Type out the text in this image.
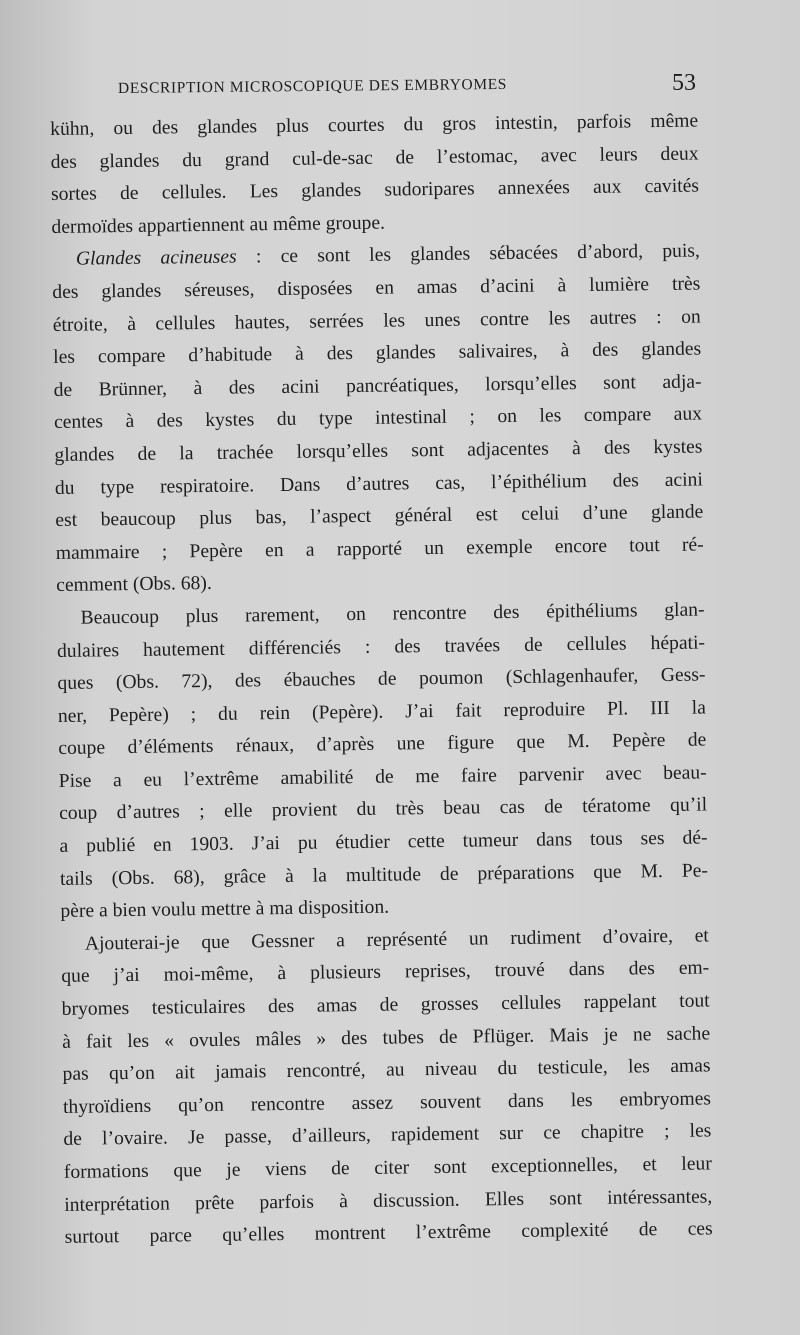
DESCRIPTION MICROSCOPIQUE DES EMBRYOMES	53
kühn, ou des glandes plus courtes du gros intestin, parfois même
des glandes du grand cul-de-sac de l’estomac, avec leurs deux
sortes de cellules. Les glandes sudoripares annexées aux cavités
dermoïdes appartiennent au même groupe.
Glandes acineuses : ce sont les glandes sébacées d’abord, puis,
des glandes séreuses, disposées en amas d’acini à lumière très
étroite, à cellules hautes, serrées les unes contre les autres : on
les compare d’habitude à des glandes salivaires, à des glandes
de Brünner, à des acini pancréatiques, lorsqu’elles sont adja-
centes à des kystes du type intestinal ; on les compare aux
glandes de la trachée lorsqu’elles sont adjacentes à des kystes
du type respiratoire. Dans d’autres cas, l’épithélium des acini
est beaucoup plus bas, l’aspect général est celui d’une glande
mammaire ; Pepère en a rapporté un exemple encore tout ré-
cemment (Obs. 68).
Beaucoup plus rarement, on rencontre des épithéliums glan-
dulaires hautement différenciés : des travées de cellules hépati-
ques (Obs. 72), des ébauches de poumon (Schlagenhaufer, Gess-
ner, Pepère) ; du rein (Pepère). J’ai fait reproduire Pl. III la
coupe d’éléments rénaux, d’après une figure que M. Pepère de
Pise a eu l’extrême amabilité de me faire parvenir avec beau-
coup d’autres ; elle provient du très beau cas de tératome qu’il
a publié en 1903. J’ai pu étudier cette tumeur dans tous ses dé-
tails (Obs. 68), grâce à la multitude de préparations que M. Pe-
père a bien voulu mettre à ma disposition.
Ajouterai-je que Gessner a représenté un rudiment d’ovaire, et
que j’ai moi-même, à plusieurs reprises, trouvé dans des em-
bryomes testiculaires des amas de grosses cellules rappelant tout
à fait les « ovules mâles » des tubes de Pflüger. Mais je ne sache
pas qu’on ait jamais rencontré, au niveau du testicule, les amas
thyroïdiens qu’on rencontre assez souvent dans les embryomes
de l’ovaire. Je passe, d’ailleurs, rapidement sur ce chapitre ; les
formations que je viens de citer sont exceptionnelles, et leur
interprétation prête parfois à discussion. Elles sont intéressantes,
surtout parce qu’elles montrent l’extrême complexité de ces
